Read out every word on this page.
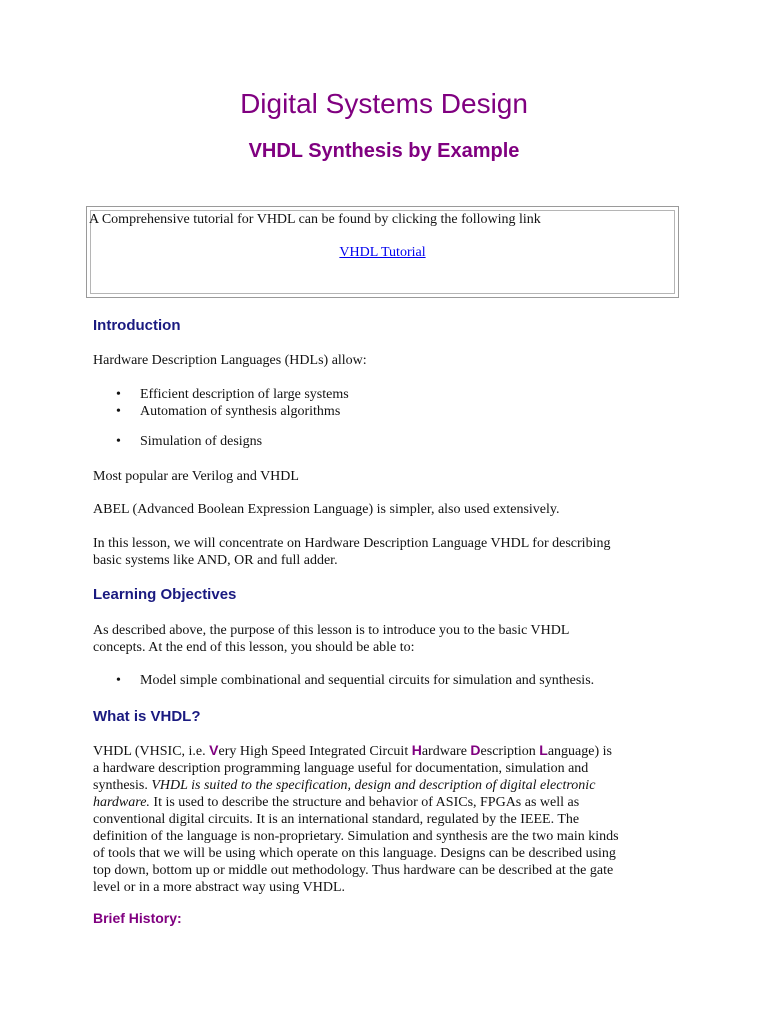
Digital Systems Design
VHDL Synthesis by Example
A Comprehensive tutorial for VHDL can be found by clicking the following link
VHDL Tutorial
Introduction

Hardware Description Languages (HDLs) allow:

• Efficient description of large systems
• Automation of synthesis algorithms
• Simulation of designs

Most popular are Verilog and VHDL

ABEL (Advanced Boolean Expression Language) is simpler, also used extensively.

In this lesson, we will concentrate on Hardware Description Language VHDL for describing
basic systems like AND, OR and full adder.

Learning Objectives

As described above, the purpose of this lesson is to introduce you to the basic VHDL
concepts. At the end of this lesson, you should be able to:

• Model simple combinational and sequential circuits for simulation and synthesis.
What is VHDL?

VHDL (VHSIC, i.e. Very High Speed Integrated Circuit Hardware Description Language) is
a hardware description programming language useful for documentation, simulation and
synthesis. VHDL is suited to the specification, design and description of digital electronic
hardware. It is used to describe the structure and behavior of ASICs, FPGAs as well as
conventional digital circuits. It is an international standard, regulated by the IEEE. The
definition of the language is non-proprietary. Simulation and synthesis are the two main kinds
of tools that we will be using which operate on this language. Designs can be described using
top down, bottom up or middle out methodology. Thus hardware can be described at the gate
level or in a more abstract way using VHDL.

Brief History:
